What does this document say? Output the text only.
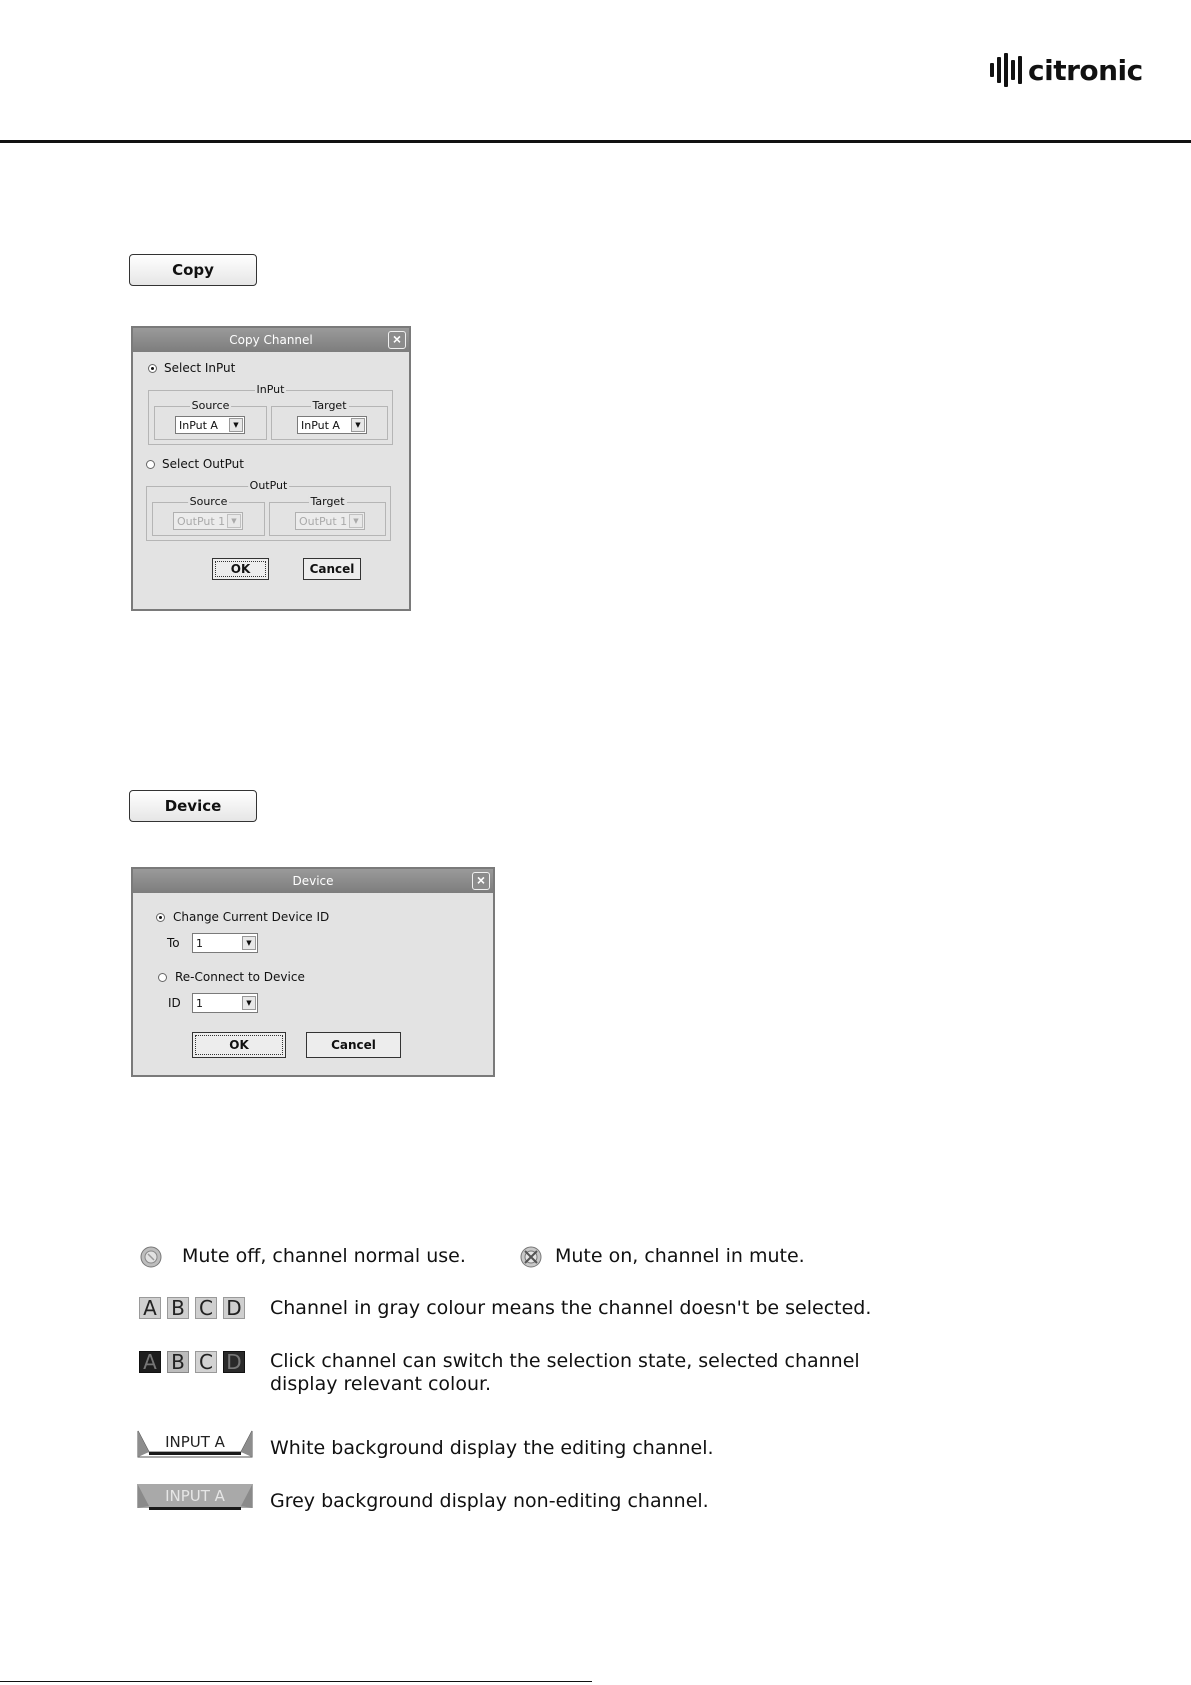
citronic
Copy
Copy Channel	×
Select InPut
InPut
Source
InPut A	▼
Target
InPut A	▼
Select OutPut
OutPut
Source
OutPut 1 ▼
Target
OutPut 1 ▼
OK	Cancel
Device
Device	×
Change Current Device ID
To 1	▼
Re-Connect to Device
ID 1	▼
OK	Cancel
Mute off, channel normal use.	Mute on, channel in mute.
A B C D Channel in gray colour means the channel doesn't be selected.
A B C D Click channel can switch the selection state, selected channel
display relevant colour.
INPUT A White background display the editing channel.
INPUT A Grey background display non-editing channel.
